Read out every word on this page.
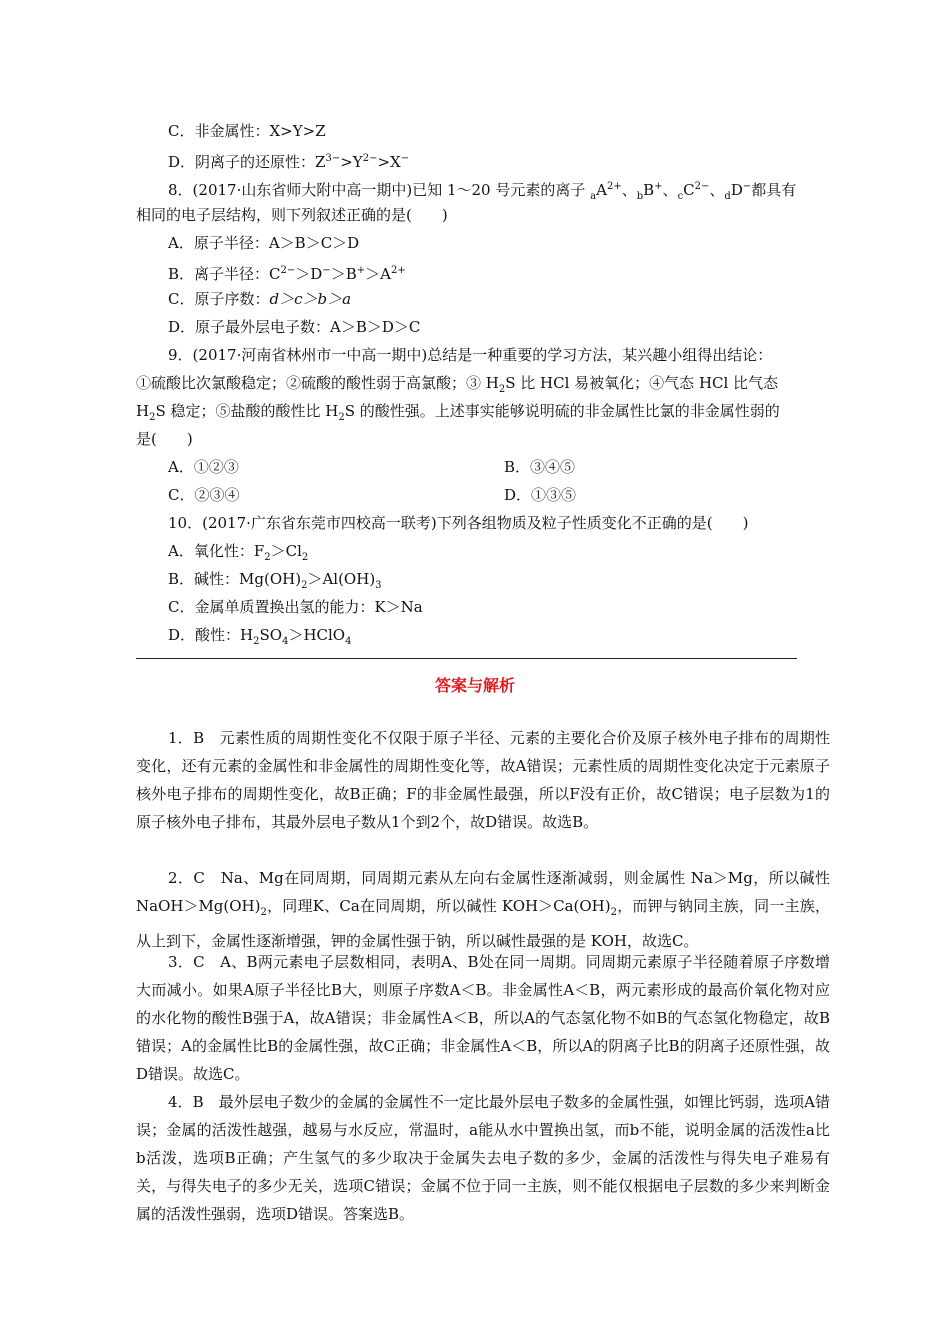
C．非金属性：X>Y>Z
D．阴离子的还原性：$Z^{3-}>Y^{2-}>X^-$
8．(2017·山东省师大附中高一期中)已知 1～20 号元素的离子 $_aA^{2+}$、$_b$B+、$_cC^{2-}$、$_d$D−都具有
相同的电子层结构，则下列叙述正确的是(　　)
A．原子半径：A＞B＞C＞D
B．离子半径：$C^{2-}>D^->B^+>A^{2+}$
C．原子序数：d＞c＞b＞a
D．原子最外层电子数：A＞B＞D＞C
9．(2017·河南省林州市一中高一期中)总结是一种重要的学习方法，某兴趣小组得出结论：
①硫酸比次氯酸稳定；②硫酸的酸性弱于高氯酸；③ $H_2S$ 比 HCl 易被氧化；④气态 HCl 比气态
$H_2S$ 稳定；⑤盐酸的酸性比 $H_2S$ 的酸性强。上述事实能够说明硫的非金属性比氯的非金属性弱的
是(　　)
A．①②③	B．③④⑤
C．②③④	D．①③⑤
10．(2017·广东省东莞市四校高一联考)下列各组物质及粒子性质变化不正确的是(　　)
A．氧化性：$F_2>Cl_2$
B．碱性：$Mg(OH)_2>Al(OH)_3$
C．金属单质置换出氢的能力：K＞Na
D．酸性：$H_2SO_4>HClO_4$
答案与解析
1．B　元素性质的周期性变化不仅限于原子半径、元素的主要化合价及原子核外电子排布的周期性变化，还有元素的金属性和非金属性的周期性变化等，故A错误；元素性质的周期性变化决定于元素原子核外电子排布的周期性变化，故B正确；F的非金属性最强，所以F没有正价，故C错误；电子层数为1的原子核外电子排布，其最外层电子数从1个到2个，故D错误。故选B。
2．C　Na、Mg在同周期，同周期元素从左向右金属性逐渐减弱，则金属性 Na＞Mg，所以碱性 $NaOH>Mg(OH)_2$，同理K、Ca在同周期，所以碱性 $KOH>Ca(OH)_2$，而钾与钠同主族，同一主族，从上到下，金属性逐渐增强，钾的金属性强于钠，所以碱性最强的是 KOH，故选C。
3．C　A、B两元素电子层数相同，表明A、B处在同一周期。同周期元素原子半径随着原子序数增大而减小。如果A原子半径比B大，则原子序数A＜B。非金属性A＜B，两元素形成的最高价氧化物对应的水化物的酸性B强于A，故A错误；非金属性A＜B，所以A的气态氢化物不如B的气态氢化物稳定，故B错误；A的金属性比B的金属性强，故C正确；非金属性A＜B，所以A的阴离子比B的阴离子还原性强，故D错误。故选C。
4．B　最外层电子数少的金属的金属性不一定比最外层电子数多的金属性强，如锂比钙弱，选项A错误；金属的活泼性越强，越易与水反应，常温时，a能从水中置换出氢，而b不能，说明金属的活泼性a比b活泼，选项B正确；产生氢气的多少取决于金属失去电子数的多少，金属的活泼性与得失电子难易有关，与得失电子的多少无关，选项C错误；金属不位于同一主族，则不能仅根据电子层数的多少来判断金属的活泼性强弱，选项D错误。答案选B。
